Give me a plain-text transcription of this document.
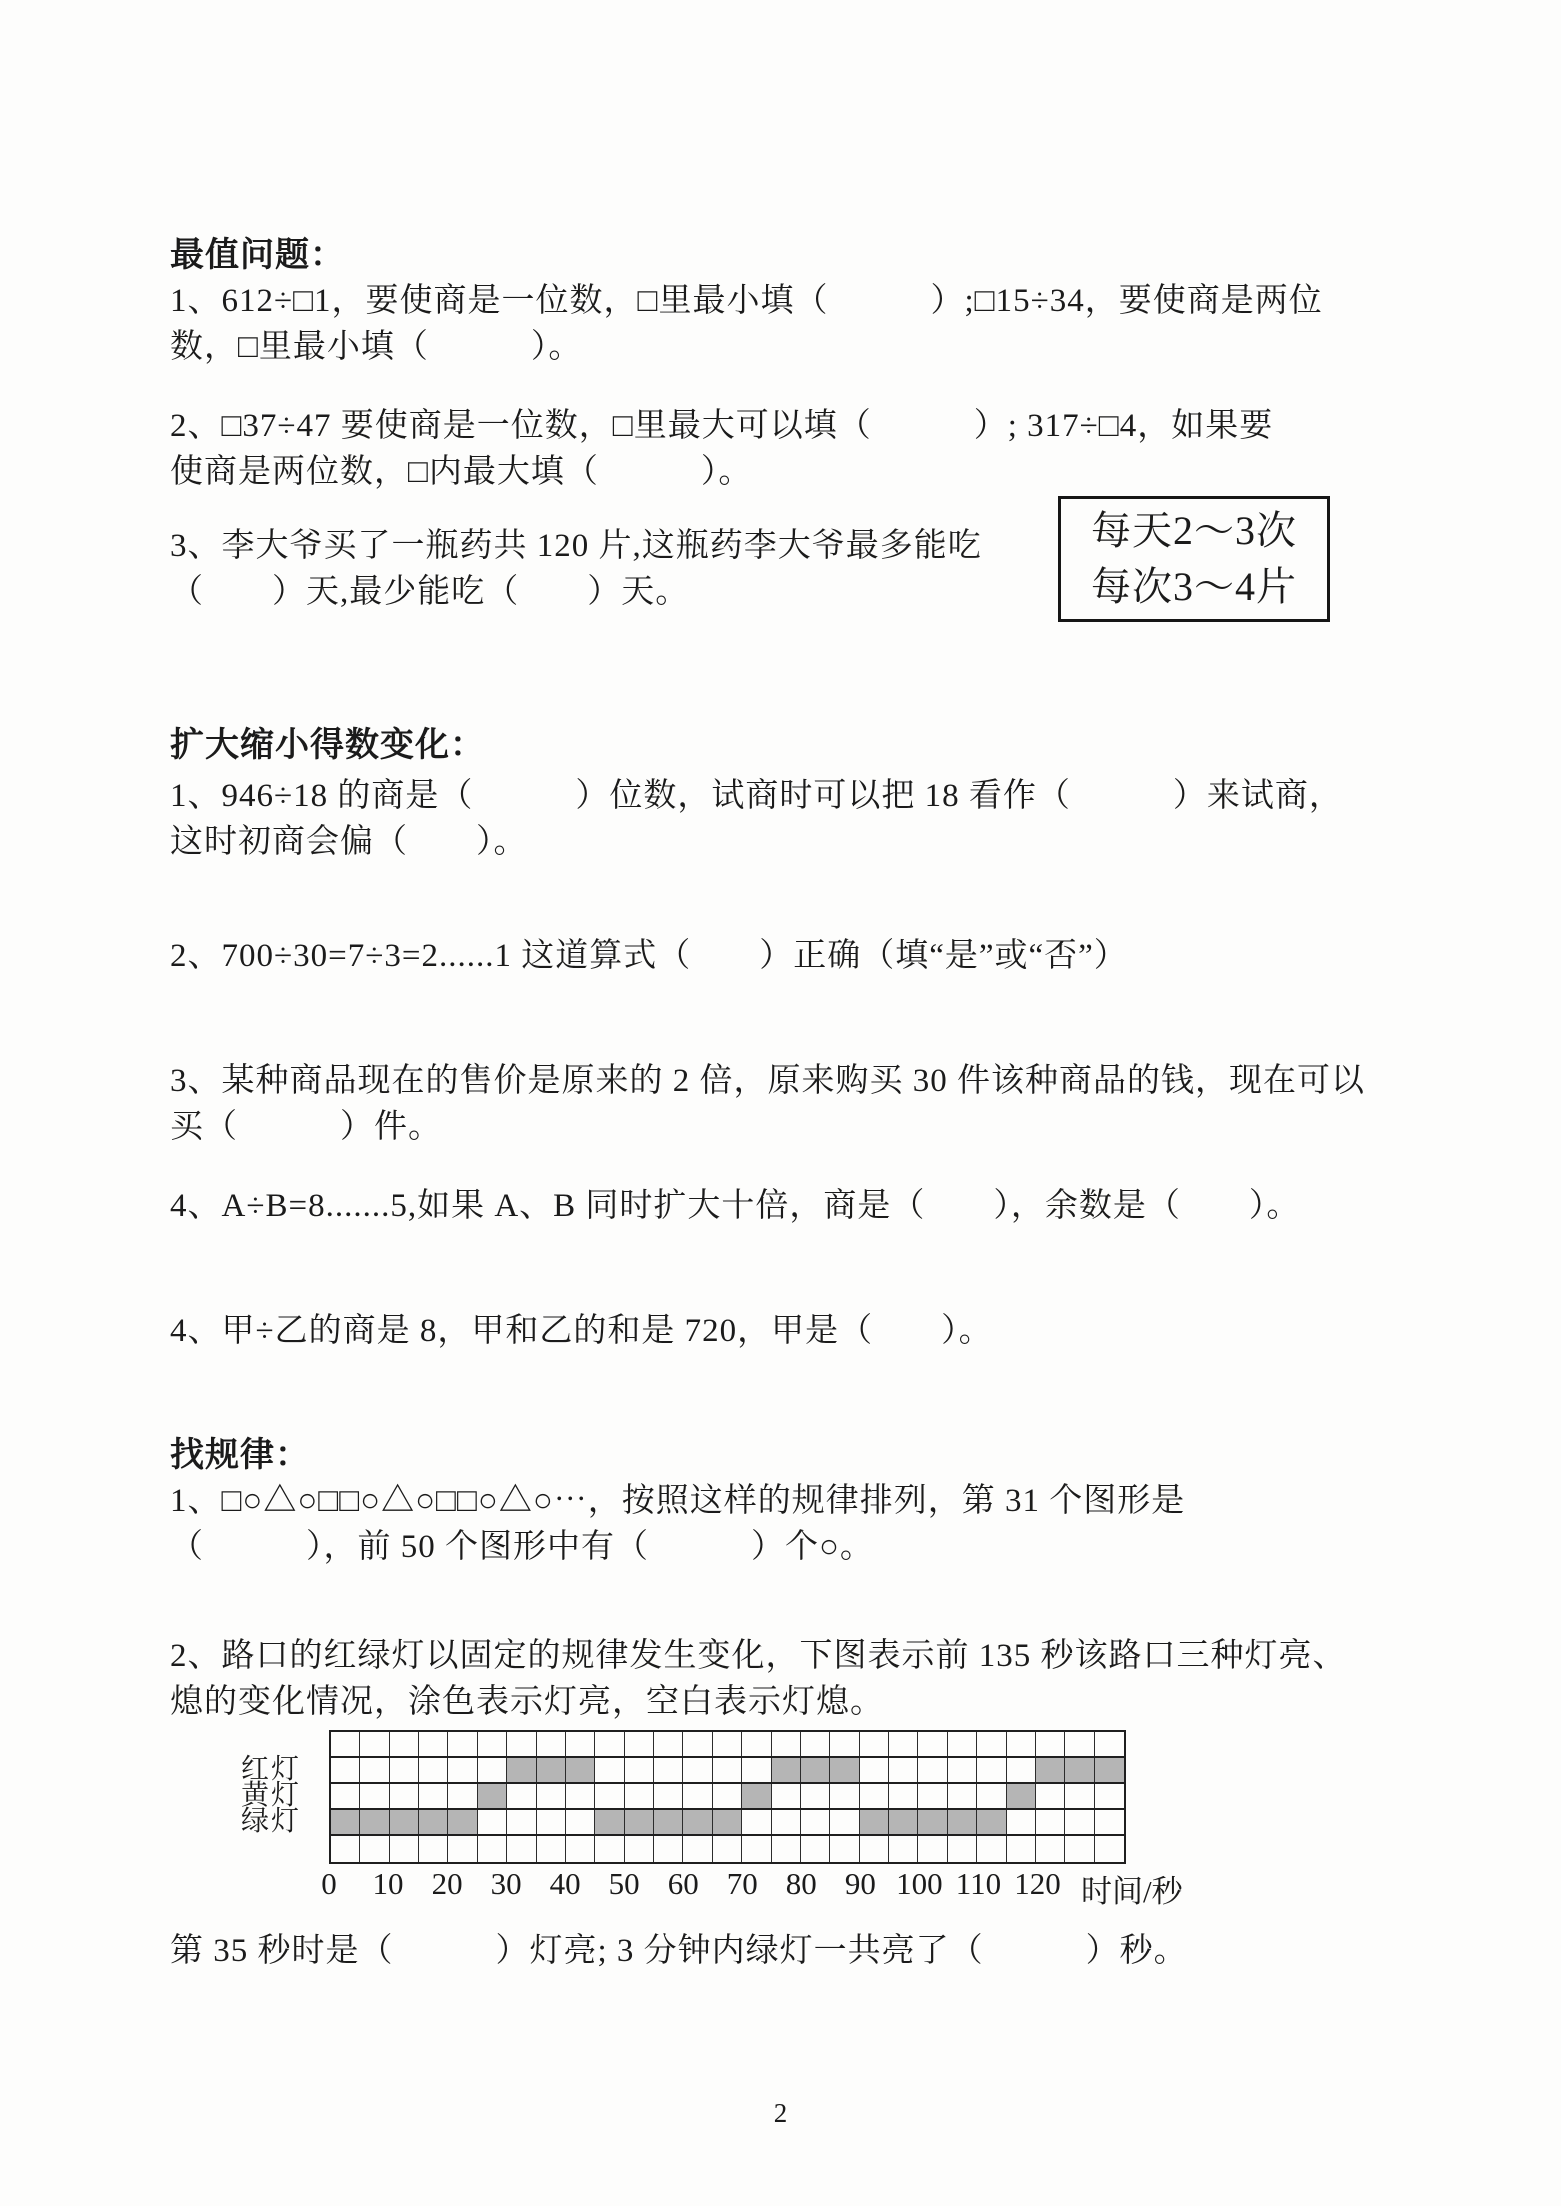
最值问题：
1、612÷□1，要使商是一位数，□里最小填（　　　）;□15÷34，要使商是两位
数，□里最小填（　　　）。
2、□37÷47 要使商是一位数，□里最大可以填（　　　）; 317÷□4，如果要
使商是两位数，□内最大填（　　　）。
3、李大爷买了一瓶药共 120 片,这瓶药李大爷最多能吃
（　　）天,最少能吃（　　）天。
每天2～3次
每次3～4片
扩大缩小得数变化：
1、946÷18 的商是（　　　）位数，试商时可以把 18 看作（　　　）来试商，
这时初商会偏（　　）。
2、700÷30=7÷3=2......1 这道算式（　　）正确（填“是”或“否”）
3、某种商品现在的售价是原来的 2 倍，原来购买 30 件该种商品的钱，现在可以
买（　　　）件。
4、A÷B=8.......5,如果 A、B 同时扩大十倍，商是（　　），余数是（　　）。
4、甲÷乙的商是 8，甲和乙的和是 720，甲是（　　）。
找规律：
1、□○△○□□○△○□□○△○⋯，按照这样的规律排列，第 31 个图形是
（　　　），前 50 个图形中有（　　　）个○。
2、路口的红绿灯以固定的规律发生变化，下图表示前 135 秒该路口三种灯亮、
熄的变化情况，涂色表示灯亮，空白表示灯熄。
红灯
黄灯
绿灯
0 10 20 30 40 50 60 70 80 90 100 110 120 时间/秒
第 35 秒时是（　　　）灯亮; 3 分钟内绿灯一共亮了（　　　）秒。
2
